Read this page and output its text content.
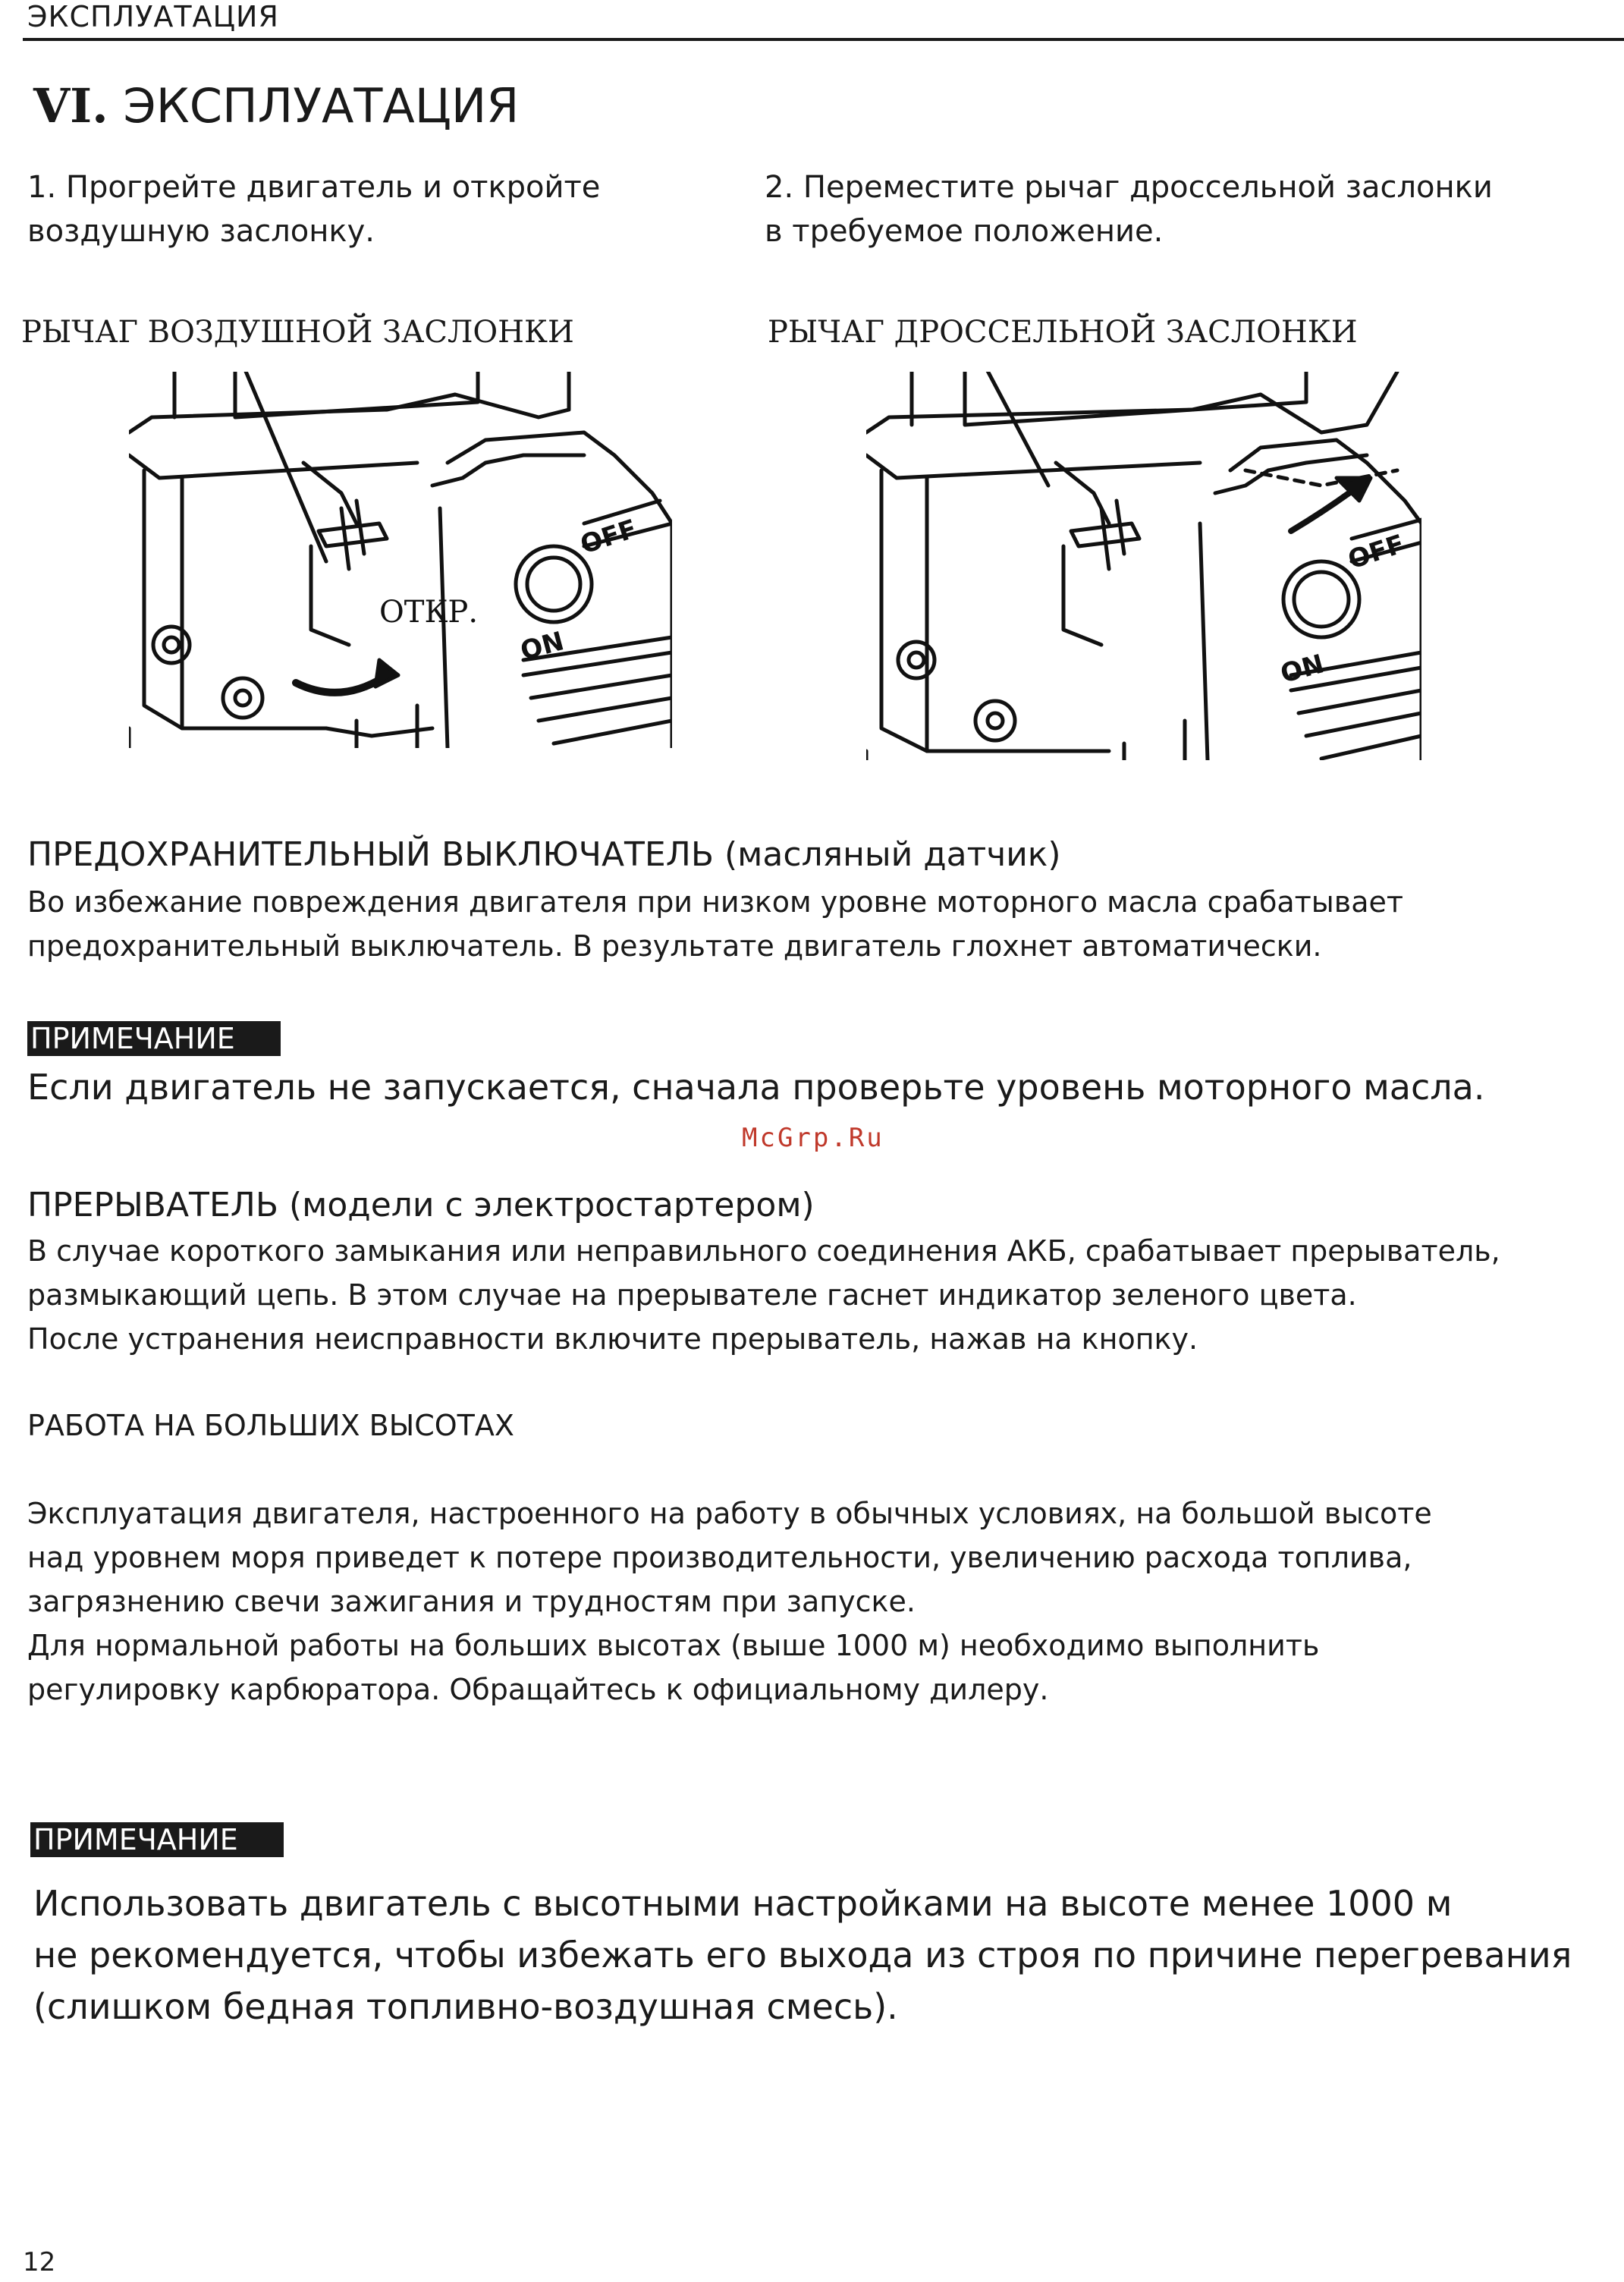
ЭКСПЛУАТАЦИЯ
VI. ЭКСПЛУАТАЦИЯ
1. Прогрейте двигатель и откройте
воздушную заслонку.
2. Переместите рычаг дроссельной заслонки
в требуемое положение.
РЫЧАГ ВОЗДУШНОЙ ЗАСЛОНКИ	РЫЧАГ ДРОССЕЛЬНОЙ ЗАСЛОНКИ
ОТКР.
OFF
ON
OFF
ON
ПРЕДОХРАНИТЕЛЬНЫЙ ВЫКЛЮЧАТЕЛЬ (масляный датчик)
Во избежание повреждения двигателя при низком уровне моторного масла срабатывает
предохранительный выключатель. В результате двигатель глохнет автоматически.
ПРИМЕЧАНИЕ
Если двигатель не запускается, сначала проверьте уровень моторного масла.
McGrp.Ru
ПРЕРЫВАТЕЛЬ (модели с электростартером)
В случае короткого замыкания или неправильного соединения АКБ, срабатывает прерыватель,
размыкающий цепь. В этом случае на прерывателе гаснет индикатор зеленого цвета.
После устранения неисправности включите прерыватель, нажав на кнопку.
РАБОТА НА БОЛЬШИХ ВЫСОТАХ
Эксплуатация двигателя, настроенного на работу в обычных условиях, на большой высоте
над уровнем моря приведет к потере производительности, увеличению расхода топлива,
загрязнению свечи зажигания и трудностям при запуске.
Для нормальной работы на больших высотах (выше 1000 м) необходимо выполнить
регулировку карбюратора. Обращайтесь к официальному дилеру.
ПРИМЕЧАНИЕ
Использовать двигатель с высотными настройками на высоте менее 1000 м
не рекомендуется, чтобы избежать его выхода из строя по причине перегревания
(слишком бедная топливно-воздушная смесь).
12
